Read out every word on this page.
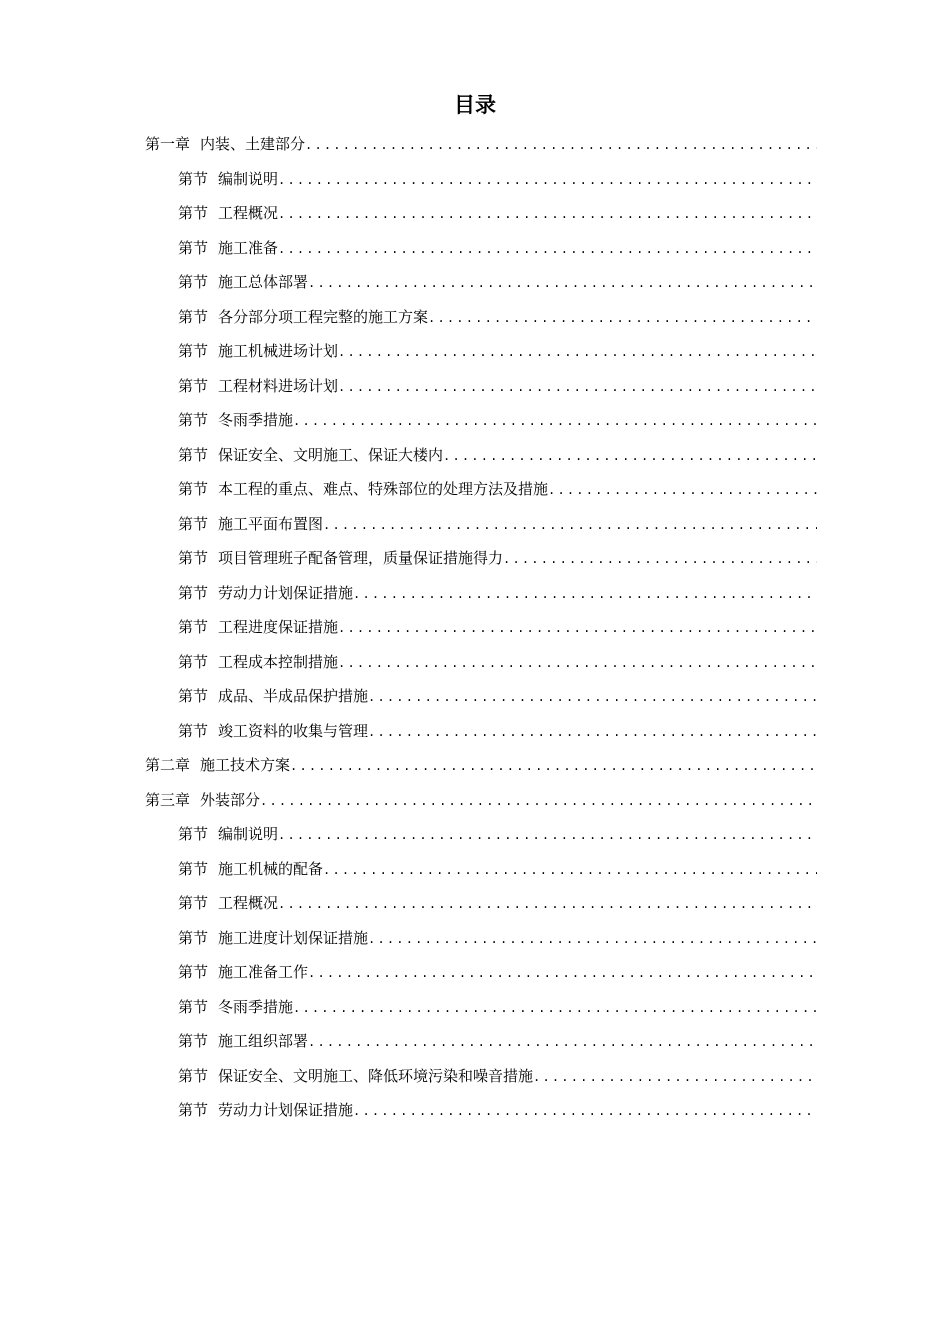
目录
第一章 内装、土建部分
.....
第节 编制说明
.....
第节 工程概况
.....
第节 施工准备
.....
第节 施工总体部署
.....
第节 各分部分项工程完整的施工方案
.....
第节 施工机械进场计划
.....
第节 工程材料进场计划
.....
第节 冬雨季措施
.....
第节 保证安全、文明施工、保证大楼内
.....
第节 本工程的重点、难点、特殊部位的处理方法及措施
.....
第节 施工平面布置图
.....
第节 项目管理班子配备管理，质量保证措施得力
.....
第节 劳动力计划保证措施
.....
第节 工程进度保证措施
.....
第节 工程成本控制措施
.....
第节 成品、半成品保护措施
.....
第节 竣工资料的收集与管理
.....
第二章 施工技术方案
.....
第三章 外装部分
.....
第节 编制说明
.....
第节 施工机械的配备
.....
第节 工程概况
.....
第节 施工进度计划保证措施
.....
第节 施工准备工作
.....
第节 冬雨季措施
.....
第节 施工组织部署
.....
第节 保证安全、文明施工、降低环境污染和噪音措施
.....
第节 劳动力计划保证措施
.....
